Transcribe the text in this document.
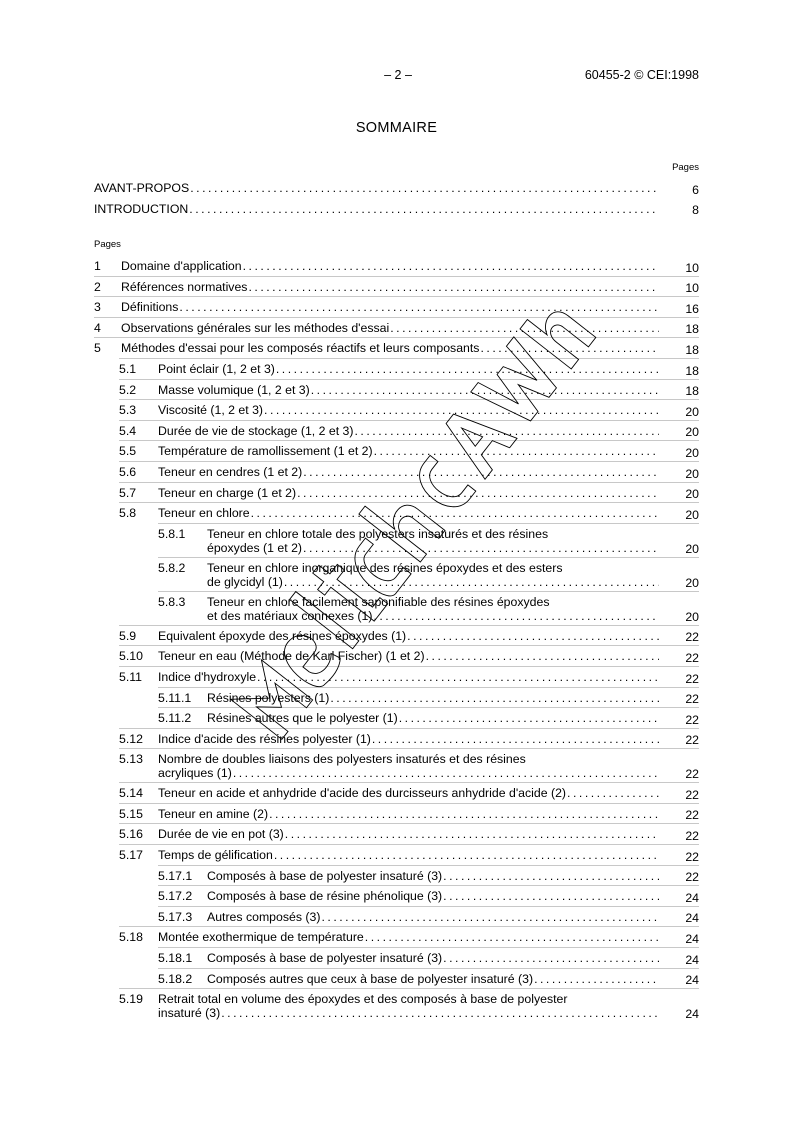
– 2 –	60455-2 © CEI:1998
SOMMAIRE
Pages
AVANT-PROPOS . . .	6
INTRODUCTION . . .	8
Pages
1 Domaine d'application . . .	10
2 Références normatives . . .	10
3 Définitions . . .	16
4 Observations générales sur les méthodes d'essai . . .	18
5 Méthodes d'essai pour les composés réactifs et leurs composants . . .	18
5.1 Point éclair (1, 2 et 3) . . .	18
5.2 Masse volumique (1, 2 et 3) . . .	18
5.3 Viscosité (1, 2 et 3) . . .	20
5.4 Durée de vie de stockage (1, 2 et 3) . . .	20
5.5 Température de ramollissement (1 et 2) . . .	20
5.6 Teneur en cendres (1 et 2) . . .	20
5.7 Teneur en charge (1 et 2) . . .	20
5.8 Teneur en chlore . . .	20
5.8.1 Teneur en chlore totale des polyesters insaturés et des résines
époxydes (1 et 2) . . .	20
5.8.2 Teneur en chlore inorganique des résines époxydes et des esters
de glycidyl (1) . . .	20
5.8.3 Teneur en chlore facilement saponifiable des résines époxydes
et des matériaux connexes (1) . . .	20
5.9 Equivalent époxyde des résines époxydes (1) . . .	22
5.10 Teneur en eau (Méthode de Karl Fischer) (1 et 2) . . .	22
5.11 Indice d'hydroxyle . . .	22
5.11.1 Résines polyesters (1) . . .	22
5.11.2 Résines autres que le polyester (1) . . .	22
5.12 Indice d'acide des résines polyester (1) . . .	22
5.13 Nombre de doubles liaisons des polyesters insaturés et des résines
acryliques (1) . . .	22
5.14 Teneur en acide et anhydride d'acide des durcisseurs anhydride d'acide (2) . . .	22
5.15 Teneur en amine (2) . . .	22
5.16 Durée de vie en pot (3) . . .	22
5.17 Temps de gélification . . .	22
5.17.1 Composés à base de polyester insaturé (3) . . .	22
5.17.2 Composés à base de résine phénolique (3) . . .	24
5.17.3 Autres composés (3) . . .	24
5.18 Montée exothermique de température . . .	24
5.18.1 Composés à base de polyester insaturé (3) . . .	24
5.18.2 Composés autres que ceux à base de polyester insaturé (3) . . .	24
5.19 Retrait total en volume des époxydes et des composés à base de polyester
insaturé (3) . . .	24
